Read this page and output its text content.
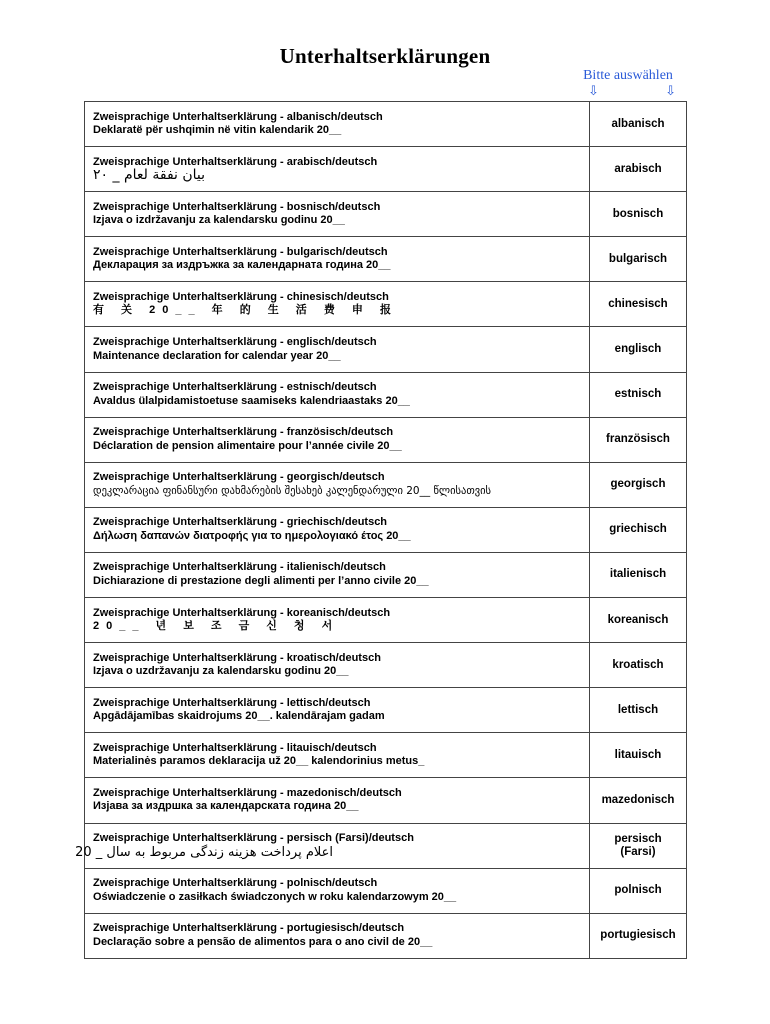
Unterhaltserklärungen
Bitte auswählen
⇩	⇩
Zweisprachige Unterhaltserklärung - albanisch/deutsch
Deklaratë për ushqimin në vitin kalendarik 20__	albanisch

Zweisprachige Unterhaltserklärung - arabisch/deutsch
بيان نفقة لعام _ ٢٠	arabisch

Zweisprachige Unterhaltserklärung - bosnisch/deutsch
Izjava o izdržavanju za kalendarsku godinu 20__	bosnisch

Zweisprachige Unterhaltserklärung - bulgarisch/deutsch
Декларация за издръжка за календарната година 20__	bulgarisch

Zweisprachige Unterhaltserklärung - chinesisch/deutsch
有 关 20__ 年 的 生 活 费 申 报	chinesisch

Zweisprachige Unterhaltserklärung - englisch/deutsch
Maintenance declaration for calendar year 20__	englisch

Zweisprachige Unterhaltserklärung - estnisch/deutsch
Avaldus ülalpidamistoetuse saamiseks kalendriaastaks 20__	estnisch

Zweisprachige Unterhaltserklärung - französisch/deutsch
Déclaration de pension alimentaire pour l’année civile 20__	französisch

Zweisprachige Unterhaltserklärung - georgisch/deutsch
დეკლარაცია ფინანსური დახმარების შესახებ კალენდარული 20__ წლისათვის	georgisch

Zweisprachige Unterhaltserklärung - griechisch/deutsch
Δήλωση δαπανών διατροφής για το ημερολογιακό έτος 20__	griechisch

Zweisprachige Unterhaltserklärung - italienisch/deutsch
Dichiarazione di prestazione degli alimenti per l’anno civile 20__	italienisch

Zweisprachige Unterhaltserklärung - koreanisch/deutsch
20__ 년 보 조 금 신 청 서	koreanisch

Zweisprachige Unterhaltserklärung - kroatisch/deutsch
Izjava o uzdržavanju za kalendarsku godinu 20__	kroatisch

Zweisprachige Unterhaltserklärung - lettisch/deutsch
Apgādājamības skaidrojums 20__. kalendārajam gadam	lettisch

Zweisprachige Unterhaltserklärung - litauisch/deutsch
Materialinės paramos deklaracija už 20__ kalendorinius metus_	litauisch

Zweisprachige Unterhaltserklärung - mazedonisch/deutsch
Изјава за издршка за календарската година 20__	mazedonisch

Zweisprachige Unterhaltserklärung - persisch (Farsi)/deutsch
اعلام پرداخت هزینه زندگی مربوط به سال _ 20	persisch (Farsi)

Zweisprachige Unterhaltserklärung - polnisch/deutsch
Oświadczenie o zasiłkach świadczonych w roku kalendarzowym 20__	polnisch

Zweisprachige Unterhaltserklärung - portugiesisch/deutsch
Declaração sobre a pensão de alimentos para o ano civil de 20__	portugiesisch
